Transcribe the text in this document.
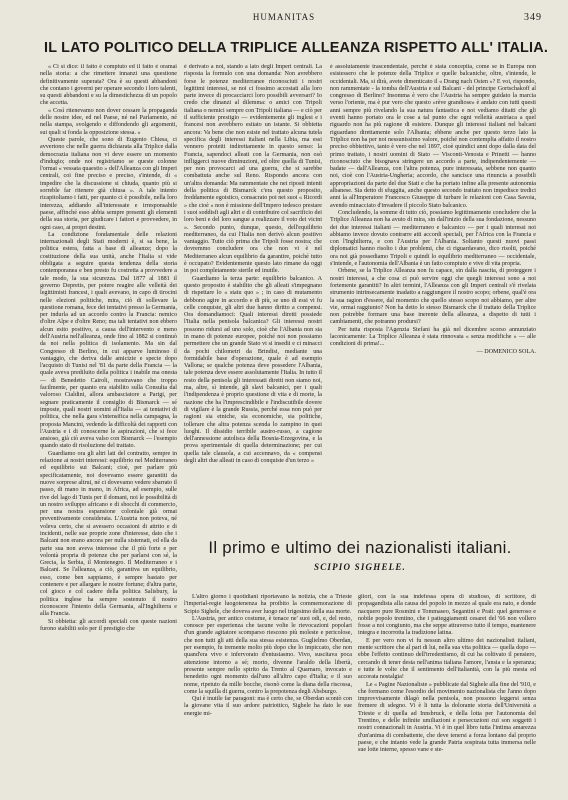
HUMANITAS	349
IL LATO POLITICO DELLA TRIPLICE ALLEANZA RISPETTO ALL' ITALIA.

« Ci si dice: il fatto è compiuto ed il fatto è oramai nella storia: a che rimettere innanzi una questione definitivamente superata? Ora è su questi abbandoni che contano i governi per operare secondo i loro talenti, su questi abbandoni e su la dimestichezza di un popolo che accetta.

« Così ritenevamo non dover cessare la propaganda delle nostre idee, ed nel Paese, né nel Parlamento, né nella stampa, svolgendo e diffondendo gli argomenti, sui quali si fonda la opposizione stessa. »

Queste parole, che sono di Eugenio Chiesa, ci avvertono che nelle guerra dichiarata alla Triplice dalla democrazia italiana non vi deve essere un momento d'indugio; onde noi registriamo se queste colonne l'ormai « vessata quaestio » dell'Alleanza con gli Imperi centrali, coi fine preciso e preciso, s'intende, di « impedire che la discussione si chiuda, quanto più si sorreble far ritenere già chiusa ». A tale intento ricapitoliamo i fatti, per quanto ci è possibile, nella loro interezza, addiando all'interessate e irresponsabile paese, affinché esso abbia sempre presenti gli elementi della sua storia, per giudicare i fattori e provvedere, in ogni caso, ai propri destini.

La condizione fondamentale delle relazioni internazionali degli Stati moderni è, si sa bene, la politica estera, fatta a base di alleanze; dopo la costituzione della sua unità, anche l'Italia si vide obbligata a seguire questa tendenza della storia contemporanea e ben presto fu costretta a provvedere a tale modo, la sua sicurezza. Dal 1877 al 1881 il governo Depretis, per potere reagire alle velleità dei legittimisti francesi, i quali avevano, in capo di tirocini nelle elezioni politiche, mira, ciò di sollevare la questione romana, fece dei tentativi presso la Germania, per indurla ad un accordo contro la Francia: nemico d'oltre Alpe e d'oltre Reno; ma tali tentativi non ebbero alcun esito positivo, a causa dell'intervento e meno dell'Austria nell'alleanza, onde fino al 1882 si continuò da noi nella politica di isolamento. Ma sin dal Congresso di Berlino, in cui apparve luminoso il vantaggio, che deriva dalle amicizie e specie dopo l'acquisto di Tunisi nel '81 da parte della Francia — la quale aveva prediluito della politica i inabile ma onesta — di Benedetto Cairoli, mostravano che troppo facilmente, per quanto era stabilito sulla Consulta dal valoroso Cialdini, allora ambasciatore a Parigi, per segnare praticamente il consiglio di Bismarck — sé imposte, quali nostri uomini all'Italia — ai tentativi di politica, che nella gara s'intensifica nella campagna, la proposta Mancini, vedendo la difficoltà dei rapporti con l'Austria e i di conoscerne le aspirazioni, che si fece ansioso, già ciò aveva valso con Bismarck — l'esempio quando stato di risoluzione del trattato.

Guardiamo ora gli altri lati del contratto, sempre in relazione ai nostri interessi: equilibrio nel Mediterraneo ed equilibrio sui Balcani; cioè, per parlare più specificatamente, noi dovevamo essere garantiti da nuove sorprese altrui, né ci dovevamo vedere sbarrato il passo, di mano in mano, in Africa, ad esempio, sulle rive del lago di Tunis per il domani, noi le possibilità di un nostro sviluppo africano e di sbocchi di commercio, per una nostra espansione coloniale già ormai preventivamente considerata. L'Austria non poteva, né voleva certo, che si avessero occasioni di attrito e di incidenti, nelle sue proprie zone d'interesse, dato che i Balcani non erano ancora per nulla sistemati, ed ella da parte sua non aveva interesse che il più forte e per volontà propria di potenze che per parlarsi con sé, la Grecia, la Serbia, il Montenegro. Il Mediterraneo e i Balcani. Se l'alleanza, a ciò, garantiva un equilibrio, esso, come ben sappiamo, è sempre bastato per contenere e per allargare le nostre fortune; d'altra parte, col gioco e col cadere della politica Salisbury, la politica inglese ha sempre sostenuto il nostro riconoscere l'intento della Germania, all'Inghilterra e alla Francia.

Si obbietta: gli accordi speciali con queste nazioni furono stabiliti solo per il prestigio che

è derivato a noi, stando a lato degli Imperi centrali. La risposta la formulo con una domanda: Non avrebbero forse le potenze mediterranee riconosciuti i nostri legittimi interessi, se noi ci fossimo accostati alla loro parte invece di procacciarci loro possibili avversari? Io credo che dinanzi al dilemma: o amici con Tripoli italiana o nemici sempre con Tripoli italiana — e ciò per il sufficiente prestigio — evidentemente gli inglesi e i francesi non avrebbero esitato un istante. Si obbietta ancora: Va bene che non esiste nel trattato alcuna tutela specifica degli interessi italiani nella Libia, ma essi vennero protetti indirettamente in questo senso: la Francia, sapendoci alleati con la Germania, non osò infliggerci nuove diminuzioni, ed oltre quella di Tunisi, per non provocarci ad una guerra, che si sarebbe combattuta anche sul Reno. Rispondo ancora con un'altra domanda: Ma rammentate che nei riposti intenti della politica di Bismarck c'era questo proposito, freddamente egoistico, consacrato poi nei suoi « Ricordi » che cioè « non è missione dell'Impero tedesco prestare i suoi soddisfi agli altri e di contribuire col sacrificio dei loro beni e del loro sangue a realizzare il voto dei vicini ». Secondo punto, dunque, questo, dell'equilibrio mediterraneo, da cui l'Italia non derivò alcun positivo vantaggio. Tutto ciò prima che Tripoli fosse nostra; che dovremmo concludere ora che non vi è nel Mediterraneo alcun equilibrio da garantire, poiché tutto è occupato? Evidentemente questo lato rimane da oggi in poi completamente sterile ed inutile.

Guardiamo la terza parte: equilibrio balcanico. A questo proposito è stabilito che gli alleati s'impegnano di rispettare lo « statu quo » ; in caso di mutamento debbono agire in accordo e di più, se uno di essi vi fu celle conquiste, gli altri due hanno diritto a compensi. Ora domandiamoci: Quali interessi diretti possiede l'Italia nella penisola balcanica? Gli interessi nostri possono ridursi ad uno solo, cioè che l'Albania non sia in mano di potenze europee, poiché noi non possiamo permettere che un grande Stato vi si insedii e ci minacci da pochi chilometri da Brindisi, mediante una formidabile base d'operazione, quale è ad esempio Vallona; se qualche potenza deve possedere l'Albania, tale potenza deve essere assolutamente l'Italia. In tutto il resto della penisola gli interessati diretti non siamo noi, ma, altre, sì intende, gli slavi balcanici, per i quali l'indipendenza è proprio questione di vita e di morte, la nazione che ha l'imprescindibile e l'indiscutibile dovere di vigilare è la grande Russia, perché essa non può per ragioni sia etniche, sia economiche, sia politiche, tollerare che altra potenza scenda lo zampino in quei luoghi. Il dissidio terribile austro-russo, a cagione dell'annessione autolisca della Bosnia-Erzegovina, e la prova sperimentale di quella determinazione; per cui quella tale clausola, a cui accennavo, da « compensi degli altri due alleati in caso di conquiste d'un terzo »

è assolutamente trascendentale, perché è stata concepita, come se in Europa non esistessero che le potenze della Triplice e quelle balcaniche, oltre, s'intende, le occidentali. Ma, si dirà, avete dimenticato il « Drang nach Osten »? E voi, rispondo, non rammentate - la tomba dell'Austria e sul Balcani - del principe Gortschakoff al congresso di Berlino? Insomma è vero che l'Austria ha sempre guidato la marcia verso l'oriente, ma è pur vero che questo «rève grandiose» è andato con tutti questi anni sempre più rivelando la sua natura fantastica e noi vediamo ditatti che gli eventi hanno portato ora le cose a tal punto che ogni velleità austriaca a quel riguardo non ha più ragione di esistere. Dunque gli interessi italiani nel balcani riguardano direttamente solo l'Albania; ebbene anche per questo terzo lato la Triplice non ha per noi nessunissimo valore, poiché non contemplia affatto il nostro preciso obbiettivo, tanto è vero che nel 1897, cioè quindici anni dopo dalla data del primo trattato, i nostri uomini di Stato — Visconti-Venosta e Prinetti — hanno riconosciuto che bisognava stringere un accordo a parte, indipendentemente — badate — dall'Alleanza, con l'altra potenza, pure interessata, sebbene non quanto noi, cioè con l'Austria-Ungheria; accordo, che sancisce una rinuncia a possibili appropriazioni da parte del due Stati e che ha portato infine alla presente autonomia albanese. Sia detto di sfuggita, anche questo secondo trattato non impedisce tredici anni la all'Imperatore Francesco Giuseppe di turbare le relazioni con Casa Savoia, avendo minacciato d'invadere il piccolo Stato balcanico.

Concludendo, la somme di tutto ciò, possiamo legittimamente concludere che la Triplice Alleanza non ha avuto di mira, sin dall'inizio della sua fondazione, nessuno dei due interessi italiani — mediterraneo e balcanico — per i quali interessi noi abbiamo invece dovuto contrarre atti accordi speciali, per l'Africa con la Francia e con l'Inghilterra, e con l'Austria per l'Albania. Soltanto questi nuovi passi diplomatici hanno risolto i due problemi, che ci riguardavano, dico risolti, poiché ora noi già possediamo Tripoli e quindi lo equilibrio mediterraneo — occidentale, s'intende, e l'autonomia dell'Albania è un fatto compiuto e vive di vita propria.

Orbene, se la Triplice Alleanza non fu capace, sin dalla nascita, di proteggere i nostri interessi, a che cosa ci può servire oggi che quegli interessi sono a noi fortemente garantiti? In altri termini, l'Alleanza con gli Imperi centrali s'è rivelata strumento intrinsecamente inadatto a raggiungere il nostro scopo; orbene, qual'è ora la sua ragion d'essere, dal momento che quello stesso scopo noi abbiamo, per altre vie, ormai raggiunto? Non ha detto lo stesso Bismarck che il trattato della Triplice non potrebbe formare una base inerente della alleanza, a dispetto di tutti i cambiamenti, che potranno prodursi?

Per tutta risposta l'Agenzia Stefani ha già nel dicembre scorso annunziato laconicamente: La Triplice Alleanza è stata rinnovata « senza modifiche » — alle condizioni di prima!...

— DOMENICO SOLA.
Il primo e ultimo dei nazionalisti italiani.
SCIPIO SIGHELE.

L'altro giorno i quotidiani riportavano la notizia, che a Trieste l'imperial-regie luogotenenza ha proibito la commemorazione di Scipio Sighele, che doveva aver luogo nel trigesimo della sua morte.

L'Austria, per antico costume, è tenace ne' suoi odi, e, del resto, conosce per esperienza che tacune volte le rievocazioni popolari d'un grande agitatore scomparso riescono più moleste e pericolose, che non tutti gli atti della sua stessa esistenza. Guglielmo Oberdan, per esempio, fu tremente molto più dopo che lo impiccato, che non quand'era vivo e infervorato d'entusiasmo. Vivo, suscitava poca attenzione intorno a sé; morto, divenne l'araldo della libertà, presente sempre nello spirito da Trento al Quarnaro, invocato e benedetto ogni momento dall'uno all'altro capo d'Italia; e il suo nome, ripetuto da mille bocche, risonò come la diana della riscossa, come la squilla di guerra, contro la prepotenza degli Absburgo.

Qui è inutile far paragoni: ma è certo che, se Oberdan scontò con la giovane vita il suo ardore patriottico, Sighele ha dato le sue energie mi-

gliori, con la sua indefessa opera di studioso, di scrittore, di propagandista alla causa del popolo in mezzo al quale era nato, e donde nacquero pure Rosmini e Tommaseo, Segantini e Prati: quel generoso e nobile popolo trentino, che i patteggiamenti cesarei del '66 non vollero fosse a noi congiunto, ma che seppe attraverso tutto il tempo, mantenere integra e incorrotta la tradizione latina.

E per vero non vi fu nessun altro ultimo dei nazionalisti italiani, mente scrittore che al pari di lui, nella sua vita politica — quella dopo — ebbe l'effetto continuo dell'irredentismo, di cui ha coltivato il pensiero, cercando di tener desta nell'anima italiana l'amore, l'ansia e la speranza; e tutte le volte che il sentimento dell'italianità, con la più mesta ed accorata nostalgia!

Le « Pagine Nazionaliste » pubblicate dal Sighele alla fine del '910, e che formano come l'esordio del movimento nazionalista che l'anno dopo improvvisamente dilagò nella penisola, non possono leggersi senza fremere di sdegno. Vi è li tutta la dolorante storia dell'Università a Trieste e di quella ad Innsbruck, e della lotta per l'autonomia del Trentino, e delle infinite umiliazioni e persecuzioni cui son soggetti i nostri connazionali in Austria. Vi è in quel libro tutta l'intima amarezza d'un'anima di combattente, che deve tenersi a forza lontano dal proprio paese, e che intanto vede la grande Patria sospirata tutta immersa nelle sue lotte interne, spesso vane e ste-
